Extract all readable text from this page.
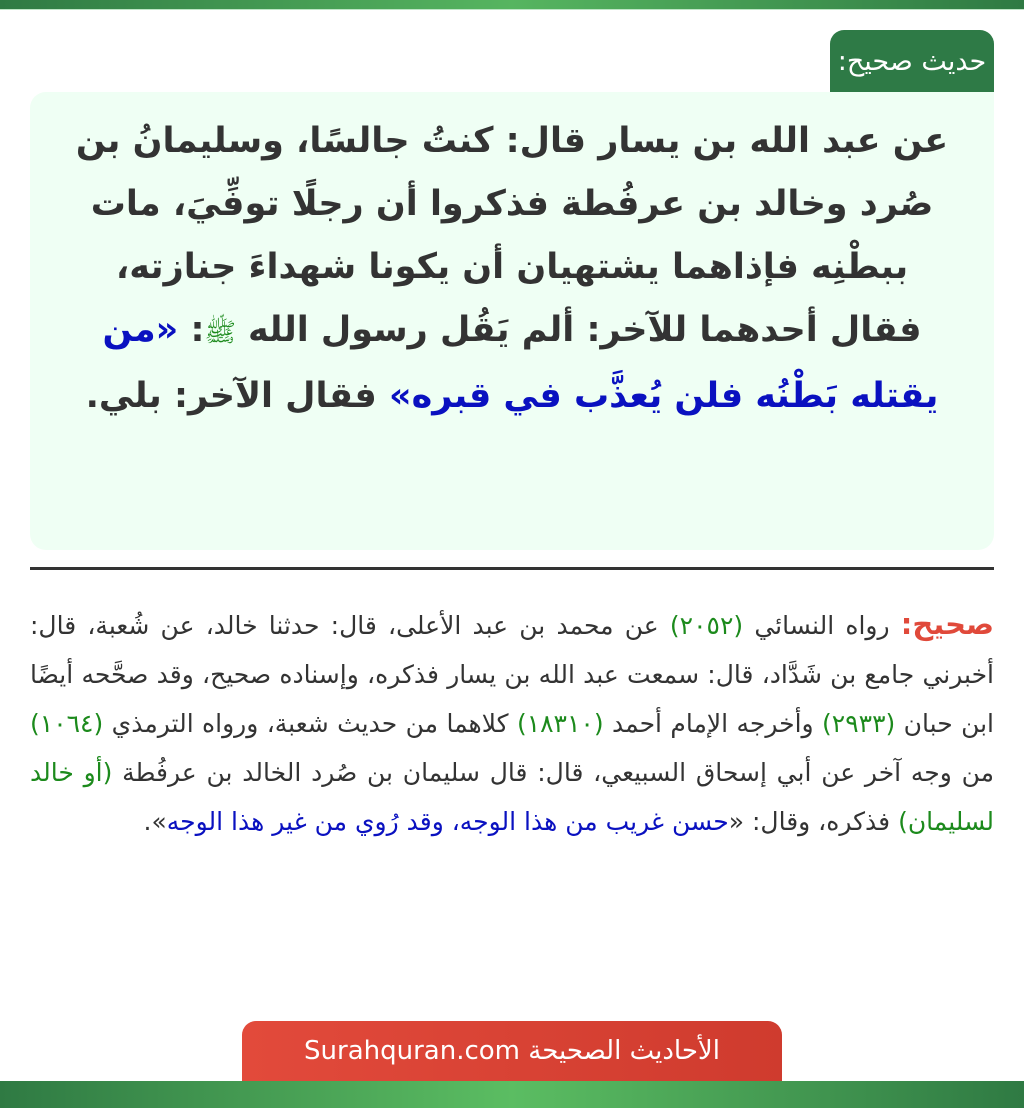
حديث صحيح:
عن عبد الله بن يسار قال: كنتُ جالسًا، وسليمانُ بن صُرد وخالد بن عرفُطة فذكروا أن رجلًا توفِّيَ، مات ببطْنِه فإذاهما يشتهيان أن يكونا شهداءَ جنازته، فقال أحدهما للآخر: ألم يَقُل رسول الله ﷺ: «من يقتله بَطْنُه فلن يُعذَّب في قبره» فقال الآخر: بلي.
صحيح: رواه النسائي (٢٠٥٢) عن محمد بن عبد الأعلى، قال: حدثنا خالد، عن شُعبة، قال: أخبرني جامع بن شَدَّاد، قال: سمعت عبد الله بن يسار فذكره، وإسناده صحيح، وقد صحَّحه أيضًا ابن حبان (٢٩٣٣) وأخرجه الإمام أحمد (١٨٣١٠) كلاهما من حديث شعبة، ورواه الترمذي (١٠٦٤) من وجه آخر عن أبي إسحاق السبيعي، قال: قال سليمان بن صُرد الخالد بن عرفُطة (أو خالد لسليمان) فذكره، وقال: «حسن غريب من هذا الوجه، وقد رُوي من غير هذا الوجه».
الأحاديث الصحيحة Surahquran.com
